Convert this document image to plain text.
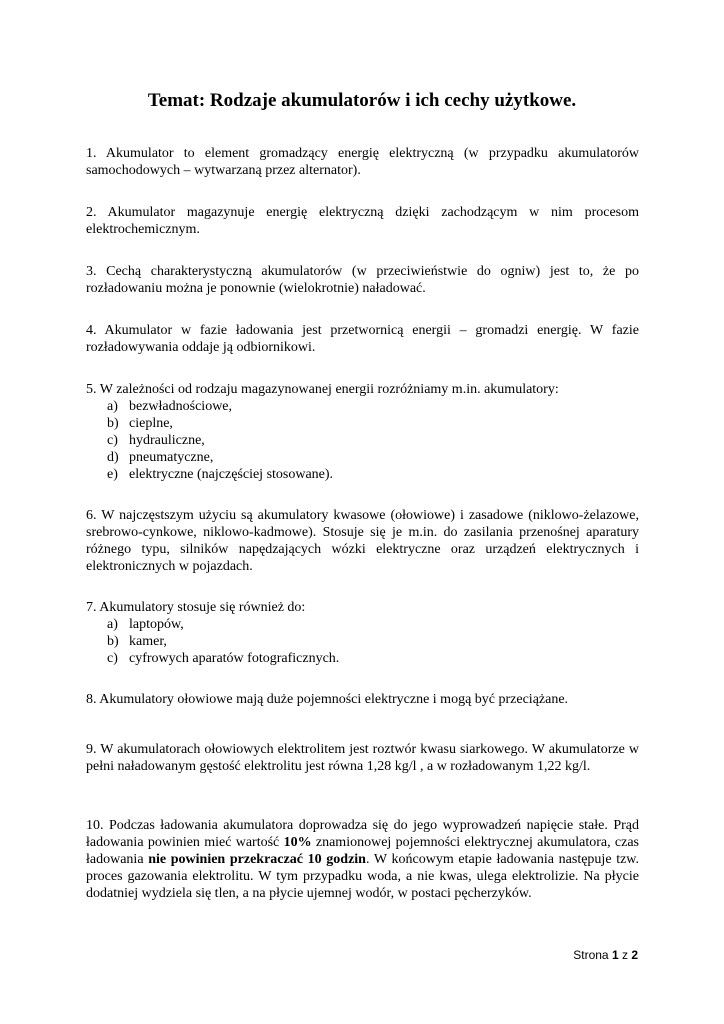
Temat: Rodzaje akumulatorów i ich cechy użytkowe.
1. Akumulator to element gromadzący energię elektryczną (w przypadku akumulatorów samochodowych – wytwarzaną przez alternator).
2. Akumulator magazynuje energię elektryczną dzięki zachodzącym w nim procesom elektrochemicznym.
3. Cechą charakterystyczną akumulatorów (w przeciwieństwie do ogniw) jest to, że po rozładowaniu można je ponownie (wielokrotnie) naładować.
4. Akumulator w fazie ładowania jest przetwornicą energii – gromadzi energię. W fazie rozładowywania oddaje ją odbiornikowi.
5. W zależności od rodzaju magazynowanej energii rozróżniamy m.in. akumulatory:
a) bezwładnościowe,
b) cieplne,
c) hydrauliczne,
d) pneumatyczne,
e) elektryczne (najczęściej stosowane).
6. W najczęstszym użyciu są akumulatory kwasowe (ołowiowe) i zasadowe (niklowo-żelazowe, srebrowo-cynkowe, niklowo-kadmowe). Stosuje się je m.in. do zasilania przenośnej aparatury różnego typu, silników napędzających wózki elektryczne oraz urządzeń elektrycznych i elektronicznych w pojazdach.
7. Akumulatory stosuje się również do:
a) laptopów,
b) kamer,
c) cyfrowych aparatów fotograficznych.
8. Akumulatory ołowiowe mają duże pojemności elektryczne i mogą być przeciążane.
9. W akumulatorach ołowiowych elektrolitem jest roztwór kwasu siarkowego. W akumulatorze w pełni naładowanym gęstość elektrolitu jest równa 1,28 kg/l , a w rozładowanym 1,22 kg/l.
10. Podczas ładowania akumulatora doprowadza się do jego wyprowadzeń napięcie stałe. Prąd ładowania powinien mieć wartość 10% znamionowej pojemności elektrycznej akumulatora, czas ładowania nie powinien przekraczać 10 godzin. W końcowym etapie ładowania następuje tzw. proces gazowania elektrolitu. W tym przypadku woda, a nie kwas, ulega elektrolizie. Na płycie dodatniej wydziela się tlen, a na płycie ujemnej wodór, w postaci pęcherzyków.
Strona 1 z 2
